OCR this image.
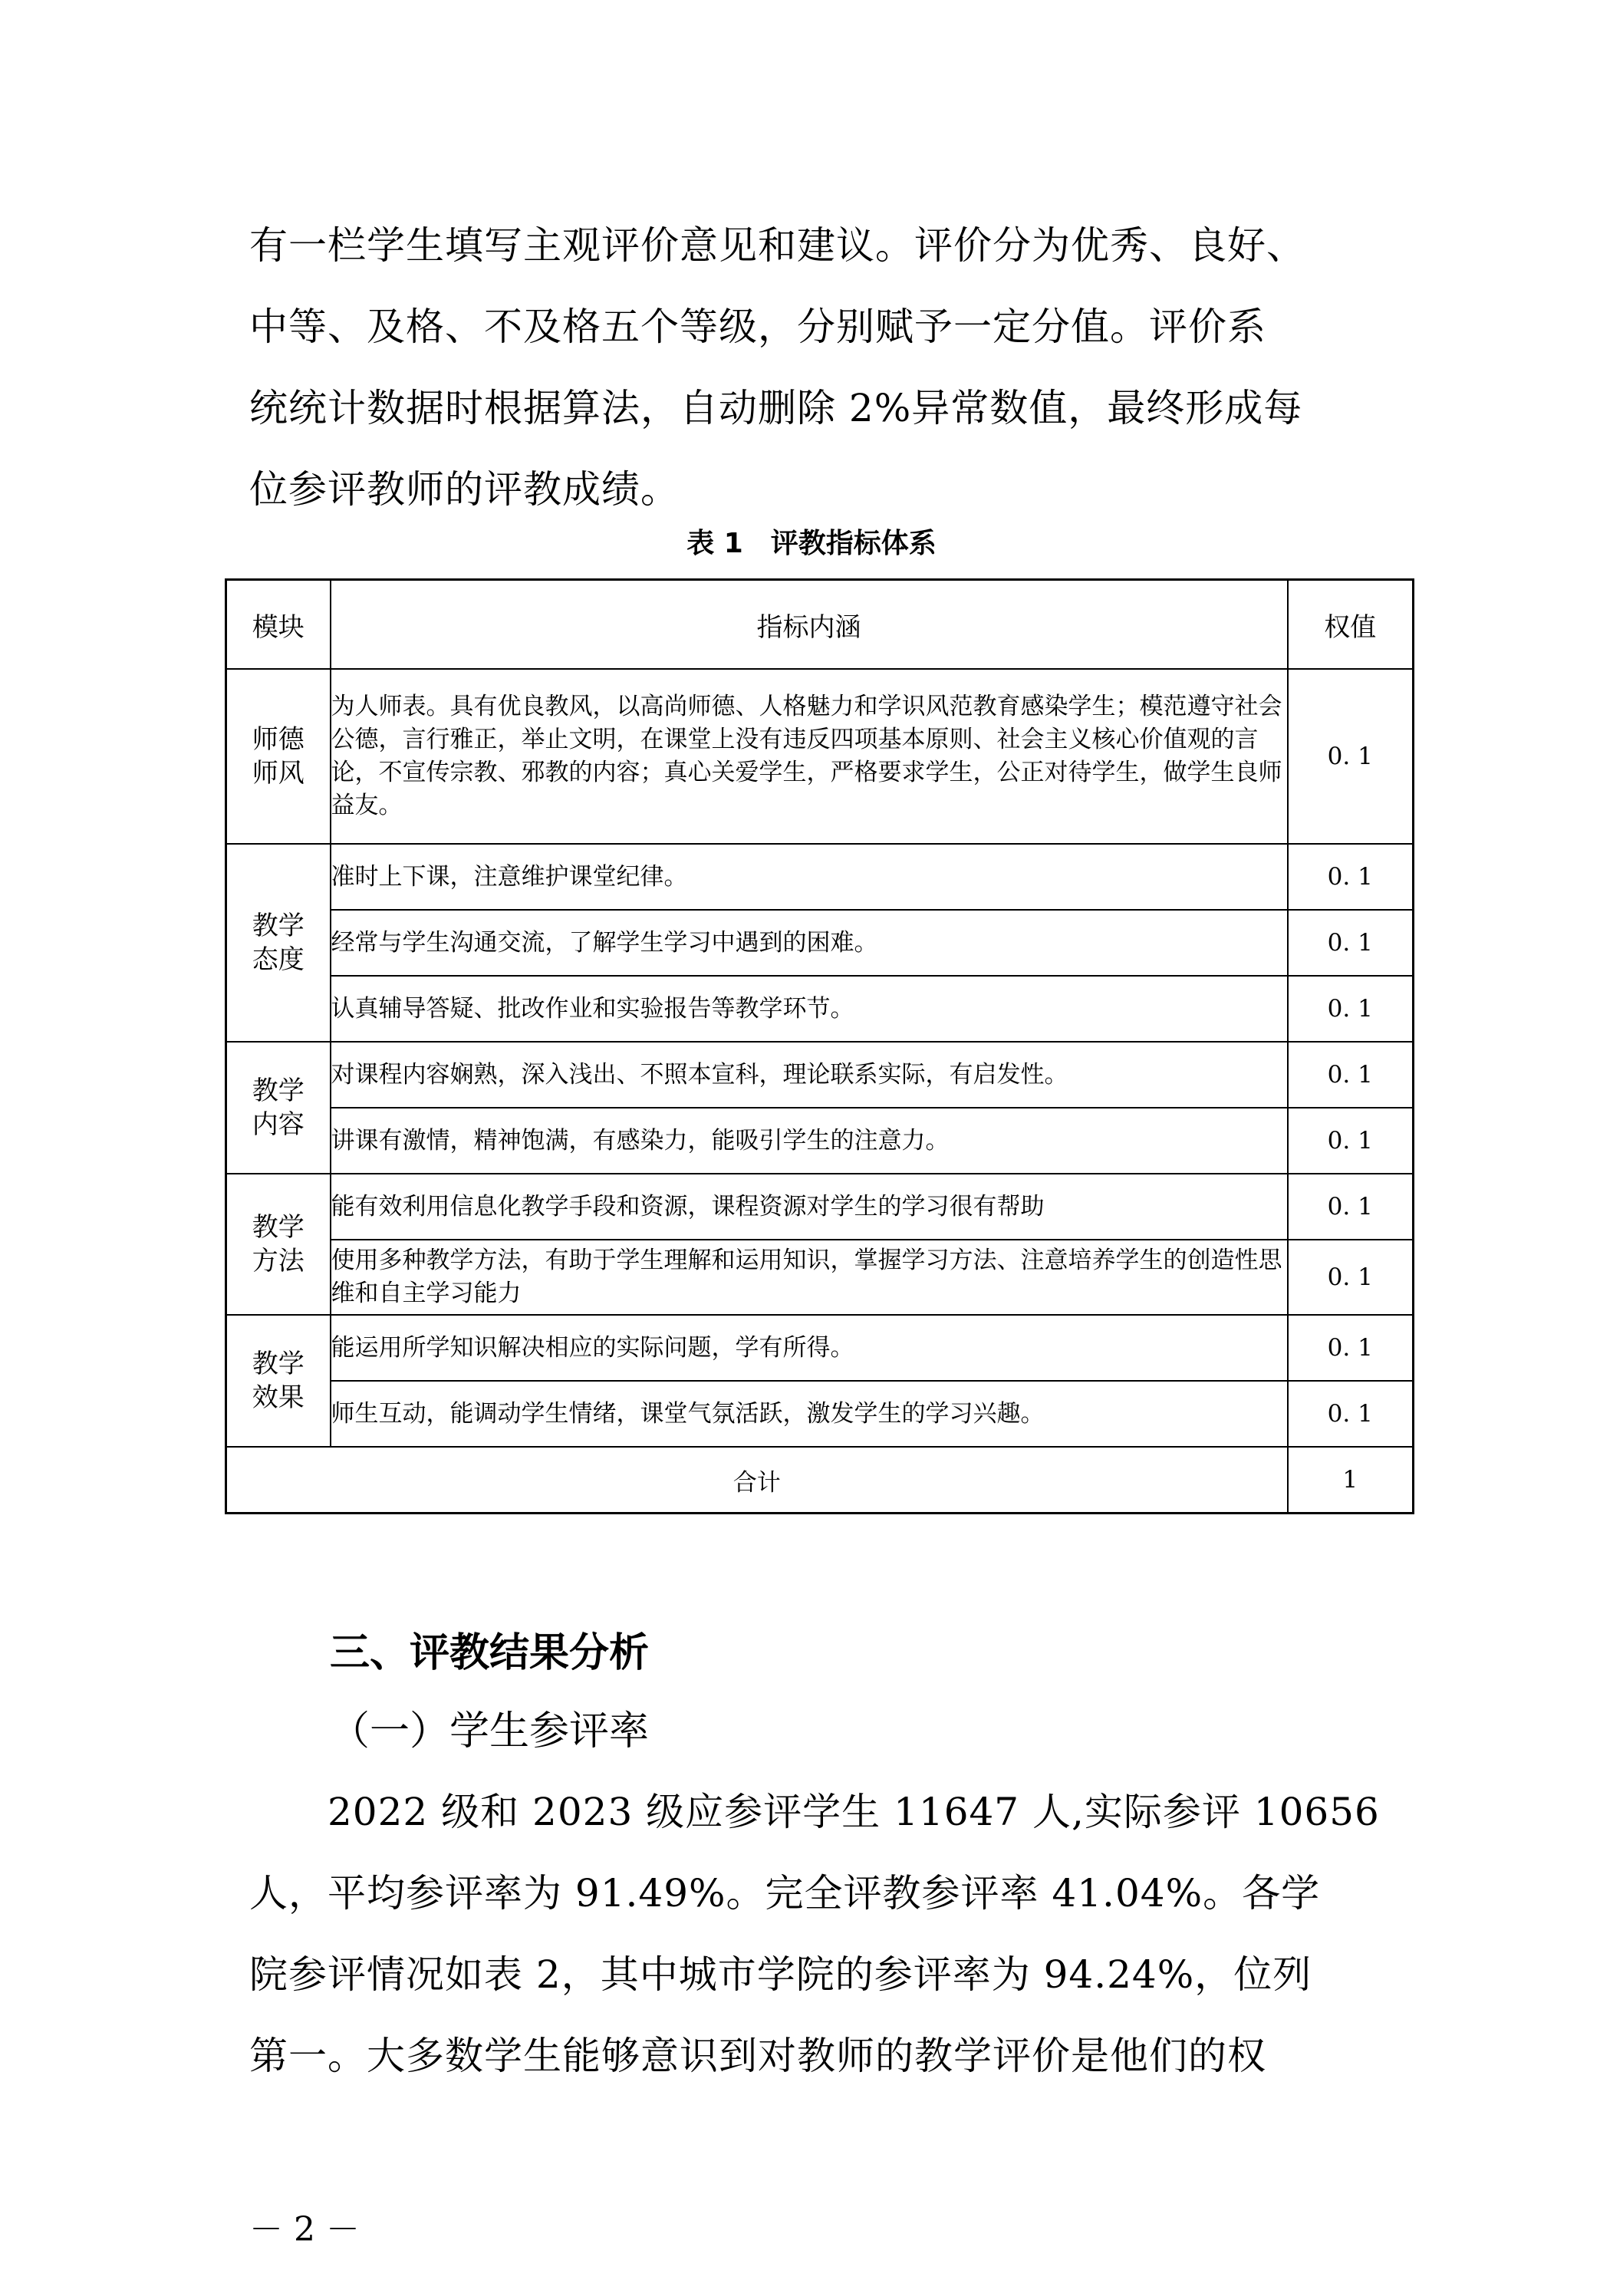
有一栏学生填写主观评价意见和建议。评价分为优秀、良好、
中等、及格、不及格五个等级，分别赋予一定分值。评价系
统统计数据时根据算法，自动删除 2%异常数值，最终形成每
位参评教师的评教成绩。
表 1　评教指标体系
模块	指标内涵	权值
师德
师风	为人师表。具有优良教风，以高尚师德、人格魅力和学识风范教育感染学生；模范遵守社会公德，言行雅正，举止文明，在课堂上没有违反四项基本原则、社会主义核心价值观的言论，不宣传宗教、邪教的内容；真心关爱学生，严格要求学生，公正对待学生，做学生良师益友。	0. 1
教学
态度	准时上下课，注意维护课堂纪律。	0. 1
	经常与学生沟通交流，了解学生学习中遇到的困难。	0. 1
	认真辅导答疑、批改作业和实验报告等教学环节。	0. 1
教学
内容	对课程内容娴熟，深入浅出、不照本宣科，理论联系实际，有启发性。	0. 1
	讲课有激情，精神饱满，有感染力，能吸引学生的注意力。	0. 1
教学
方法	能有效利用信息化教学手段和资源，课程资源对学生的学习很有帮助	0. 1
	使用多种教学方法，有助于学生理解和运用知识，掌握学习方法、注意培养学生的创造性思维和自主学习能力	0. 1
教学
效果	能运用所学知识解决相应的实际问题，学有所得。	0. 1
	师生互动，能调动学生情绪，课堂气氛活跃，激发学生的学习兴趣。	0. 1
合计		1
三、评教结果分析
（一）学生参评率
　　2022 级和 2023 级应参评学生 11647 人,实际参评 10656
人，平均参评率为 91.49%。完全评教参评率 41.04%。各学
院参评情况如表 2，其中城市学院的参评率为 94.24%，位列
第一。大多数学生能够意识到对教师的教学评价是他们的权
－ 2 －
